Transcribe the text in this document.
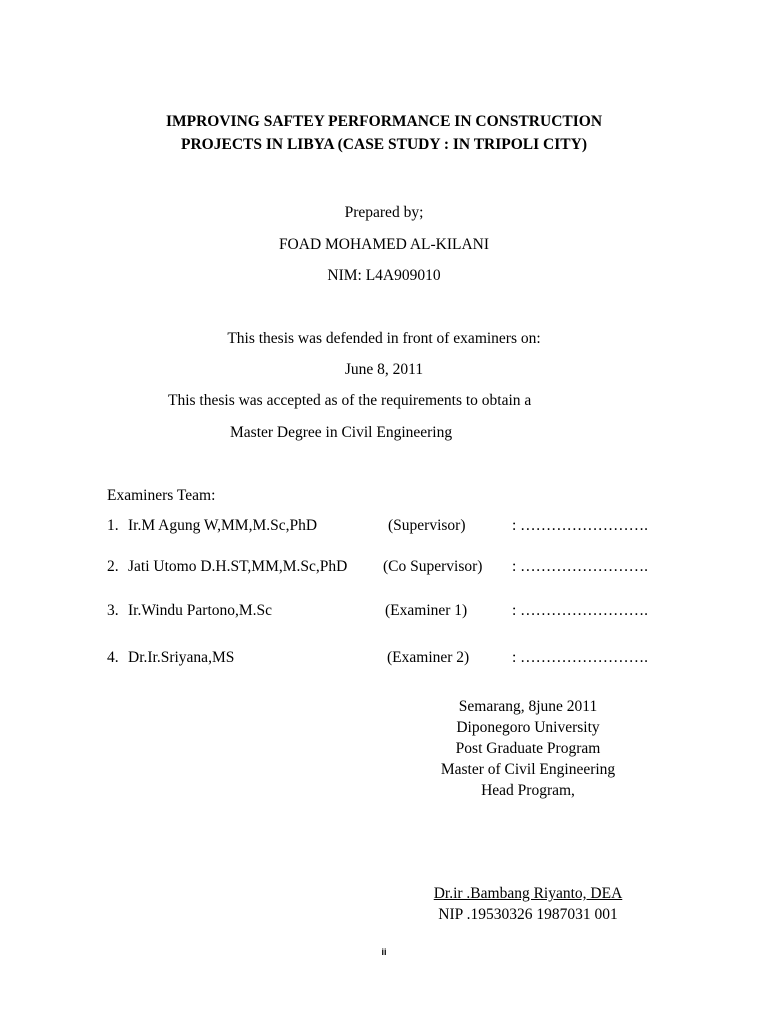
IMPROVING SAFTEY PERFORMANCE IN CONSTRUCTION
PROJECTS IN LIBYA (CASE STUDY : IN TRIPOLI CITY)
Prepared by;
FOAD MOHAMED AL-KILANI
NIM: L4A909010
This thesis was defended in front of examiners on:
June 8, 2011
This thesis was accepted as of the requirements to obtain a
Master Degree in Civil Engineering
Examiners Team:
1. Ir.M Agung W,MM,M.Sc,PhD	(Supervisor)	: …………………….
2. Jati Utomo D.H.ST,MM,M.Sc,PhD (Co Supervisor) : …………………….
3. Ir.Windu Partono,M.Sc	(Examiner 1)	: …………………….
4. Dr.Ir.Sriyana,MS	(Examiner 2)	: …………………….
Semarang, 8june 2011
Diponegoro University
Post Graduate Program
Master of Civil Engineering
Head Program,
Dr.ir .Bambang Riyanto, DEA
NIP .19530326 1987031 001
ii
